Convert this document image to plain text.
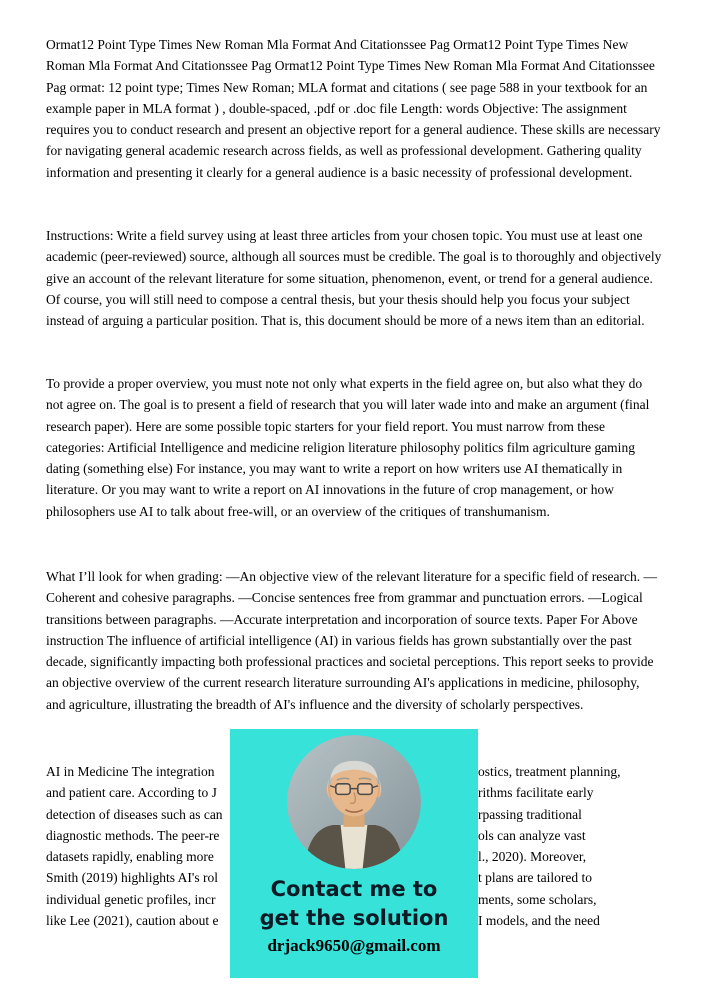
Ormat12 Point Type Times New Roman Mla Format And Citationssee Pag Ormat12 Point Type Times New Roman Mla Format And Citationssee Pag Ormat12 Point Type Times New Roman Mla Format And Citationssee Pag ormat: 12 point type; Times New Roman; MLA format and citations ( see page 588 in your textbook for an example paper in MLA format ) , double-spaced, .pdf or .doc file Length: words Objective: The assignment requires you to conduct research and present an objective report for a general audience. These skills are necessary for navigating general academic research across fields, as well as professional development. Gathering quality information and presenting it clearly for a general audience is a basic necessity of professional development.
Instructions: Write a field survey using at least three articles from your chosen topic. You must use at least one academic (peer-reviewed) source, although all sources must be credible. The goal is to thoroughly and objectively give an account of the relevant literature for some situation, phenomenon, event, or trend for a general audience. Of course, you will still need to compose a central thesis, but your thesis should help you focus your subject instead of arguing a particular position. That is, this document should be more of a news item than an editorial.
To provide a proper overview, you must note not only what experts in the field agree on, but also what they do not agree on. The goal is to present a field of research that you will later wade into and make an argument (final research paper). Here are some possible topic starters for your field report. You must narrow from these categories: Artificial Intelligence and medicine religion literature philosophy politics film agriculture gaming dating (something else) For instance, you may want to write a report on how writers use AI thematically in literature. Or you may want to write a report on AI innovations in the future of crop management, or how philosophers use AI to talk about free-will, or an overview of the critiques of transhumanism.
What I’ll look for when grading: —An objective view of the relevant literature for a specific field of research. —Coherent and cohesive paragraphs. —Concise sentences free from grammar and punctuation errors. —Logical transitions between paragraphs. —Accurate interpretation and incorporation of source texts. Paper For Above instruction The influence of artificial intelligence (AI) in various fields has grown substantially over the past decade, significantly impacting both professional practices and societal perceptions. This report seeks to provide an objective overview of the current research literature surrounding AI's applications in medicine, philosophy, and agriculture, illustrating the breadth of AI's influence and the diversity of scholarly perspectives.
AI in Medicine The integration	ostics, treatment planning,
and patient care. According to J	rithms facilitate early
detection of diseases such as can	rpassing traditional
diagnostic methods. The peer-re	ols can analyze vast
datasets rapidly, enabling more	l., 2020). Moreover,
Smith (2019) highlights AI's rol	t plans are tailored to
individual genetic profiles, incr	ments, some scholars,
like Lee (2021), caution about e	I models, and the need
Contact me to
get the solution
drjack9650@gmail.com
